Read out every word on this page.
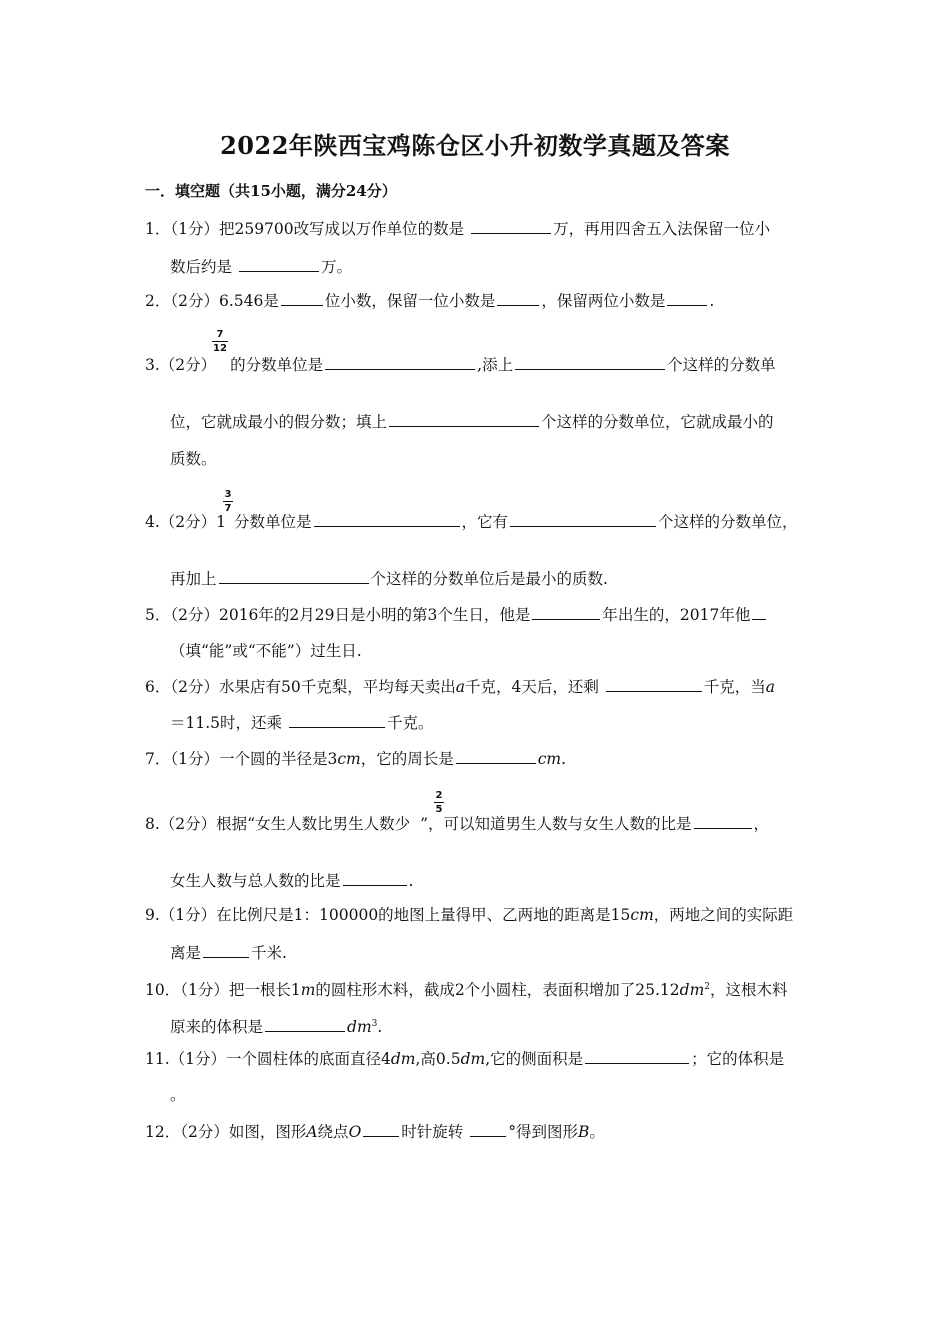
2022年陕西宝鸡陈仓区小升初数学真题及答案
一．填空题（共15小题，满分24分）
1．（1分）把259700改写成以万作单位的数是	万，再用四舍五入法保留一位小
数后约是	万。
2．（2分）6.546是	位小数，保留一位小数是	，保留两位小数是	.
7
12
3.（2分） 的分数单位是	,添上	个这样的分数单
位，它就成最小的假分数；填上	个这样的分数单位，它就成最小的
质数。
3
7
4.（2分）1 分数单位是	，它有	个这样的分数单位，
再加上	个这样的分数单位后是最小的质数.
5．（2分）2016年的2月29日是小明的第3个生日，他是	年出生的，2017年他
（填“能”或“不能”）过生日.
6．（2分）水果店有50千克梨，平均每天卖出a千克，4天后，还剩	千克，当a
＝11.5时，还乘	千克。
7．（1分）一个圆的半径是3cm，它的周长是	cm.
2
5
8.（2分）根据“女生人数比男生人数少 ”，可以知道男生人数与女生人数的比是	，
女生人数与总人数的比是	.
9.（1分）在比例尺是1：100000的地图上量得甲、乙两地的距离是15cm，两地之间的实际距
离是	千米.
10．（1分）把一根长1m的圆柱形木料，截成2个小圆柱，表面积增加了$25.12dm^2$，这根木料
原来的体积是	$dm^3$.
11.（1分）一个圆柱体的底面直径4dm,高0.5dm,它的侧面积是	；它的体积是
。
12．（2分）如图，图形A绕点O	时针旋转	°得到图形B。
